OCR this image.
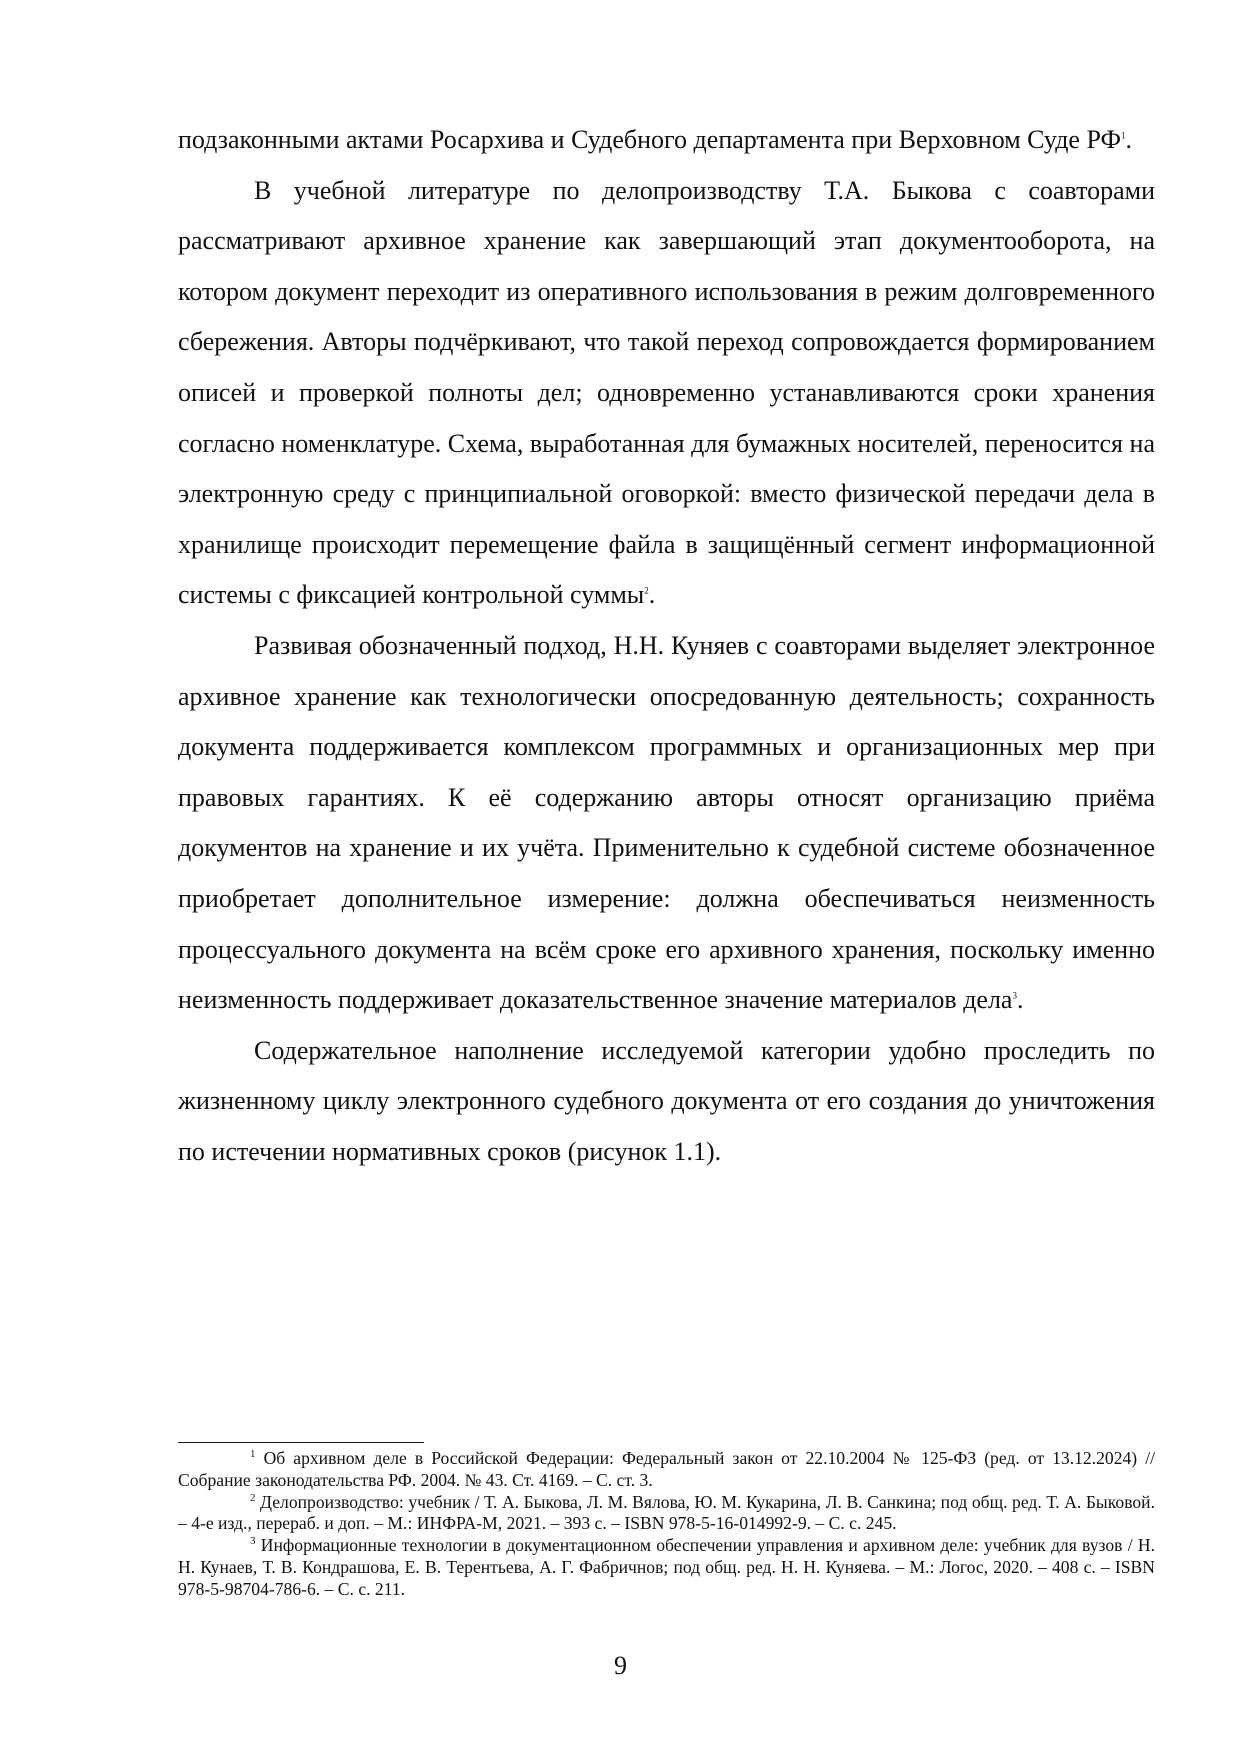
подзаконными актами Росархива и Судебного департамента при Верховном Суде РФ$^1$.

В учебной литературе по делопроизводству Т.А. Быкова с соавторами рассматривают архивное хранение как завершающий этап документооборота, на котором документ переходит из оперативного использования в режим долговременного сбережения. Авторы подчёркивают, что такой переход сопровождается формированием описей и проверкой полноты дел; одновременно устанавливаются сроки хранения согласно номенклатуре. Схема, выработанная для бумажных носителей, переносится на электронную среду с принципиальной оговоркой: вместо физической передачи дела в хранилище происходит перемещение файла в защищённый сегмент информационной системы с фиксацией контрольной суммы$^2$.

Развивая обозначенный подход, Н.Н. Куняев с соавторами выделяет электронное архивное хранение как технологически опосредованную деятельность; сохранность документа поддерживается комплексом программных и организационных мер при правовых гарантиях. К её содержанию авторы относят организацию приёма документов на хранение и их учёта. Применительно к судебной системе обозначенное приобретает дополнительное измерение: должна обеспечиваться неизменность процессуального документа на всём сроке его архивного хранения, поскольку именно неизменность поддерживает доказательственное значение материалов дела$^3$.

Содержательное наполнение исследуемой категории удобно проследить по жизненному циклу электронного судебного документа от его создания до уничтожения по истечении нормативных сроков (рисунок 1.1).

$^1$ Об архивном деле в Российской Федерации: Федеральный закон от 22.10.2004 № 125-ФЗ (ред. от 13.12.2024) // Собрание законодательства РФ. 2004. № 43. Ст. 4169. – С. ст. 3.

$^2$ Делопроизводство: учебник / Т. А. Быкова, Л. М. Вялова, Ю. М. Кукарина, Л. В. Санкина; под общ. ред. Т. А. Быковой. – 4-е изд., перераб. и доп. – М.: ИНФРА-М, 2021. – 393 с. – ISBN 978-5-16-014992-9. – С. с. 245.

$^3$ Информационные технологии в документационном обеспечении управления и архивном деле: учебник для вузов / Н. Н. Кунаев, Т. В. Кондрашова, Е. В. Терентьева, А. Г. Фабричнов; под общ. ред. Н. Н. Куняева. – М.: Логос, 2020. – 408 с. – ISBN 978-5-98704-786-6. – С. с. 211.

9
